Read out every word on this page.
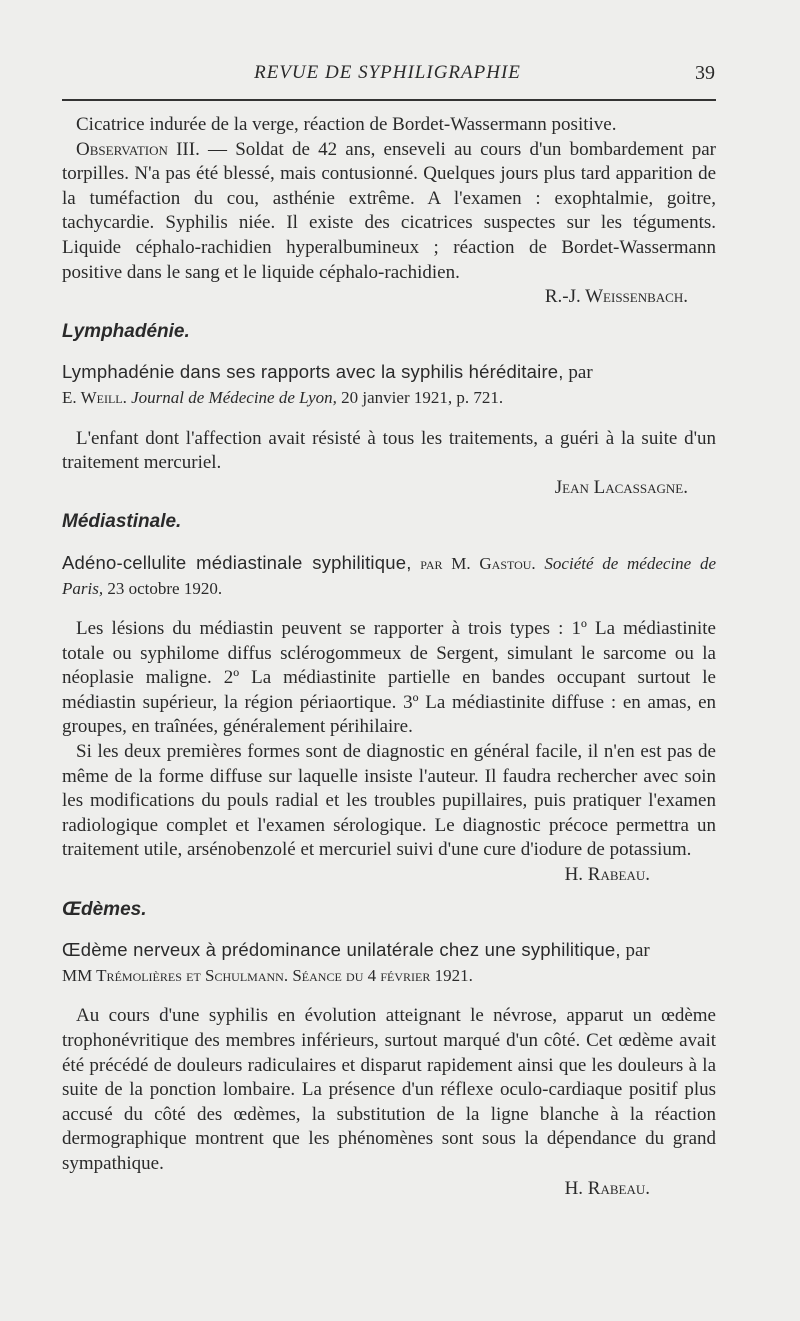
REVUE DE SYPHILIGRAPHIE	39

Cicatrice indurée de la verge, réaction de Bordet-Wassermann positive.

Observation III. — Soldat de 42 ans, enseveli au cours d'un bombardement par torpilles. N'a pas été blessé, mais contusionné. Quelques jours plus tard apparition de la tuméfaction du cou, asthénie extrême. A l'examen : exophtalmie, goitre, tachycardie. Syphilis niée. Il existe des cicatrices suspectes sur les téguments. Liquide céphalo-rachidien hyperalbumineux ; réaction de Bordet-Wassermann positive dans le sang et le liquide céphalo-rachidien.

R.-J. Weissenbach.

Lymphadénie.

Lymphadénie dans ses rapports avec la syphilis héréditaire, par
E. Weill. Journal de Médecine de Lyon, 20 janvier 1921, p. 721.

L'enfant dont l'affection avait résisté à tous les traitements, a guéri à la suite d'un traitement mercuriel.

Jean Lacassagne.

Médiastinale.

Adéno-cellulite médiastinale syphilitique, par M. Gastou. Société de médecine de Paris, 23 octobre 1920.

Les lésions du médiastin peuvent se rapporter à trois types : 1º La médiastinite totale ou syphilome diffus sclérogommeux de Sergent, simulant le sarcome ou la néoplasie maligne. 2º La médiastinite partielle en bandes occupant surtout le médiastin supérieur, la région périaortique. 3º La médiastinite diffuse : en amas, en groupes, en traînées, généralement périhilaire.

Si les deux premières formes sont de diagnostic en général facile, il n'en est pas de même de la forme diffuse sur laquelle insiste l'auteur. Il faudra rechercher avec soin les modifications du pouls radial et les troubles pupillaires, puis pratiquer l'examen radiologique complet et l'examen sérologique. Le diagnostic précoce permettra un traitement utile, arsénobenzolé et mercuriel suivi d'une cure d'iodure de potassium.

H. Rabeau.

Œdèmes.

Œdème nerveux à prédominance unilatérale chez une syphilitique, par
MM Trémolières et Schulmann. Séance du 4 février 1921.

Au cours d'une syphilis en évolution atteignant le névrose, apparut un œdème trophonévritique des membres inférieurs, surtout marqué d'un côté. Cet œdème avait été précédé de douleurs radiculaires et disparut rapidement ainsi que les douleurs à la suite de la ponction lombaire. La présence d'un réflexe oculo-cardiaque positif plus accusé du côté des œdèmes, la substitution de la ligne blanche à la réaction dermographique montrent que les phénomènes sont sous la dépendance du grand sympathique.

H. Rabeau.
